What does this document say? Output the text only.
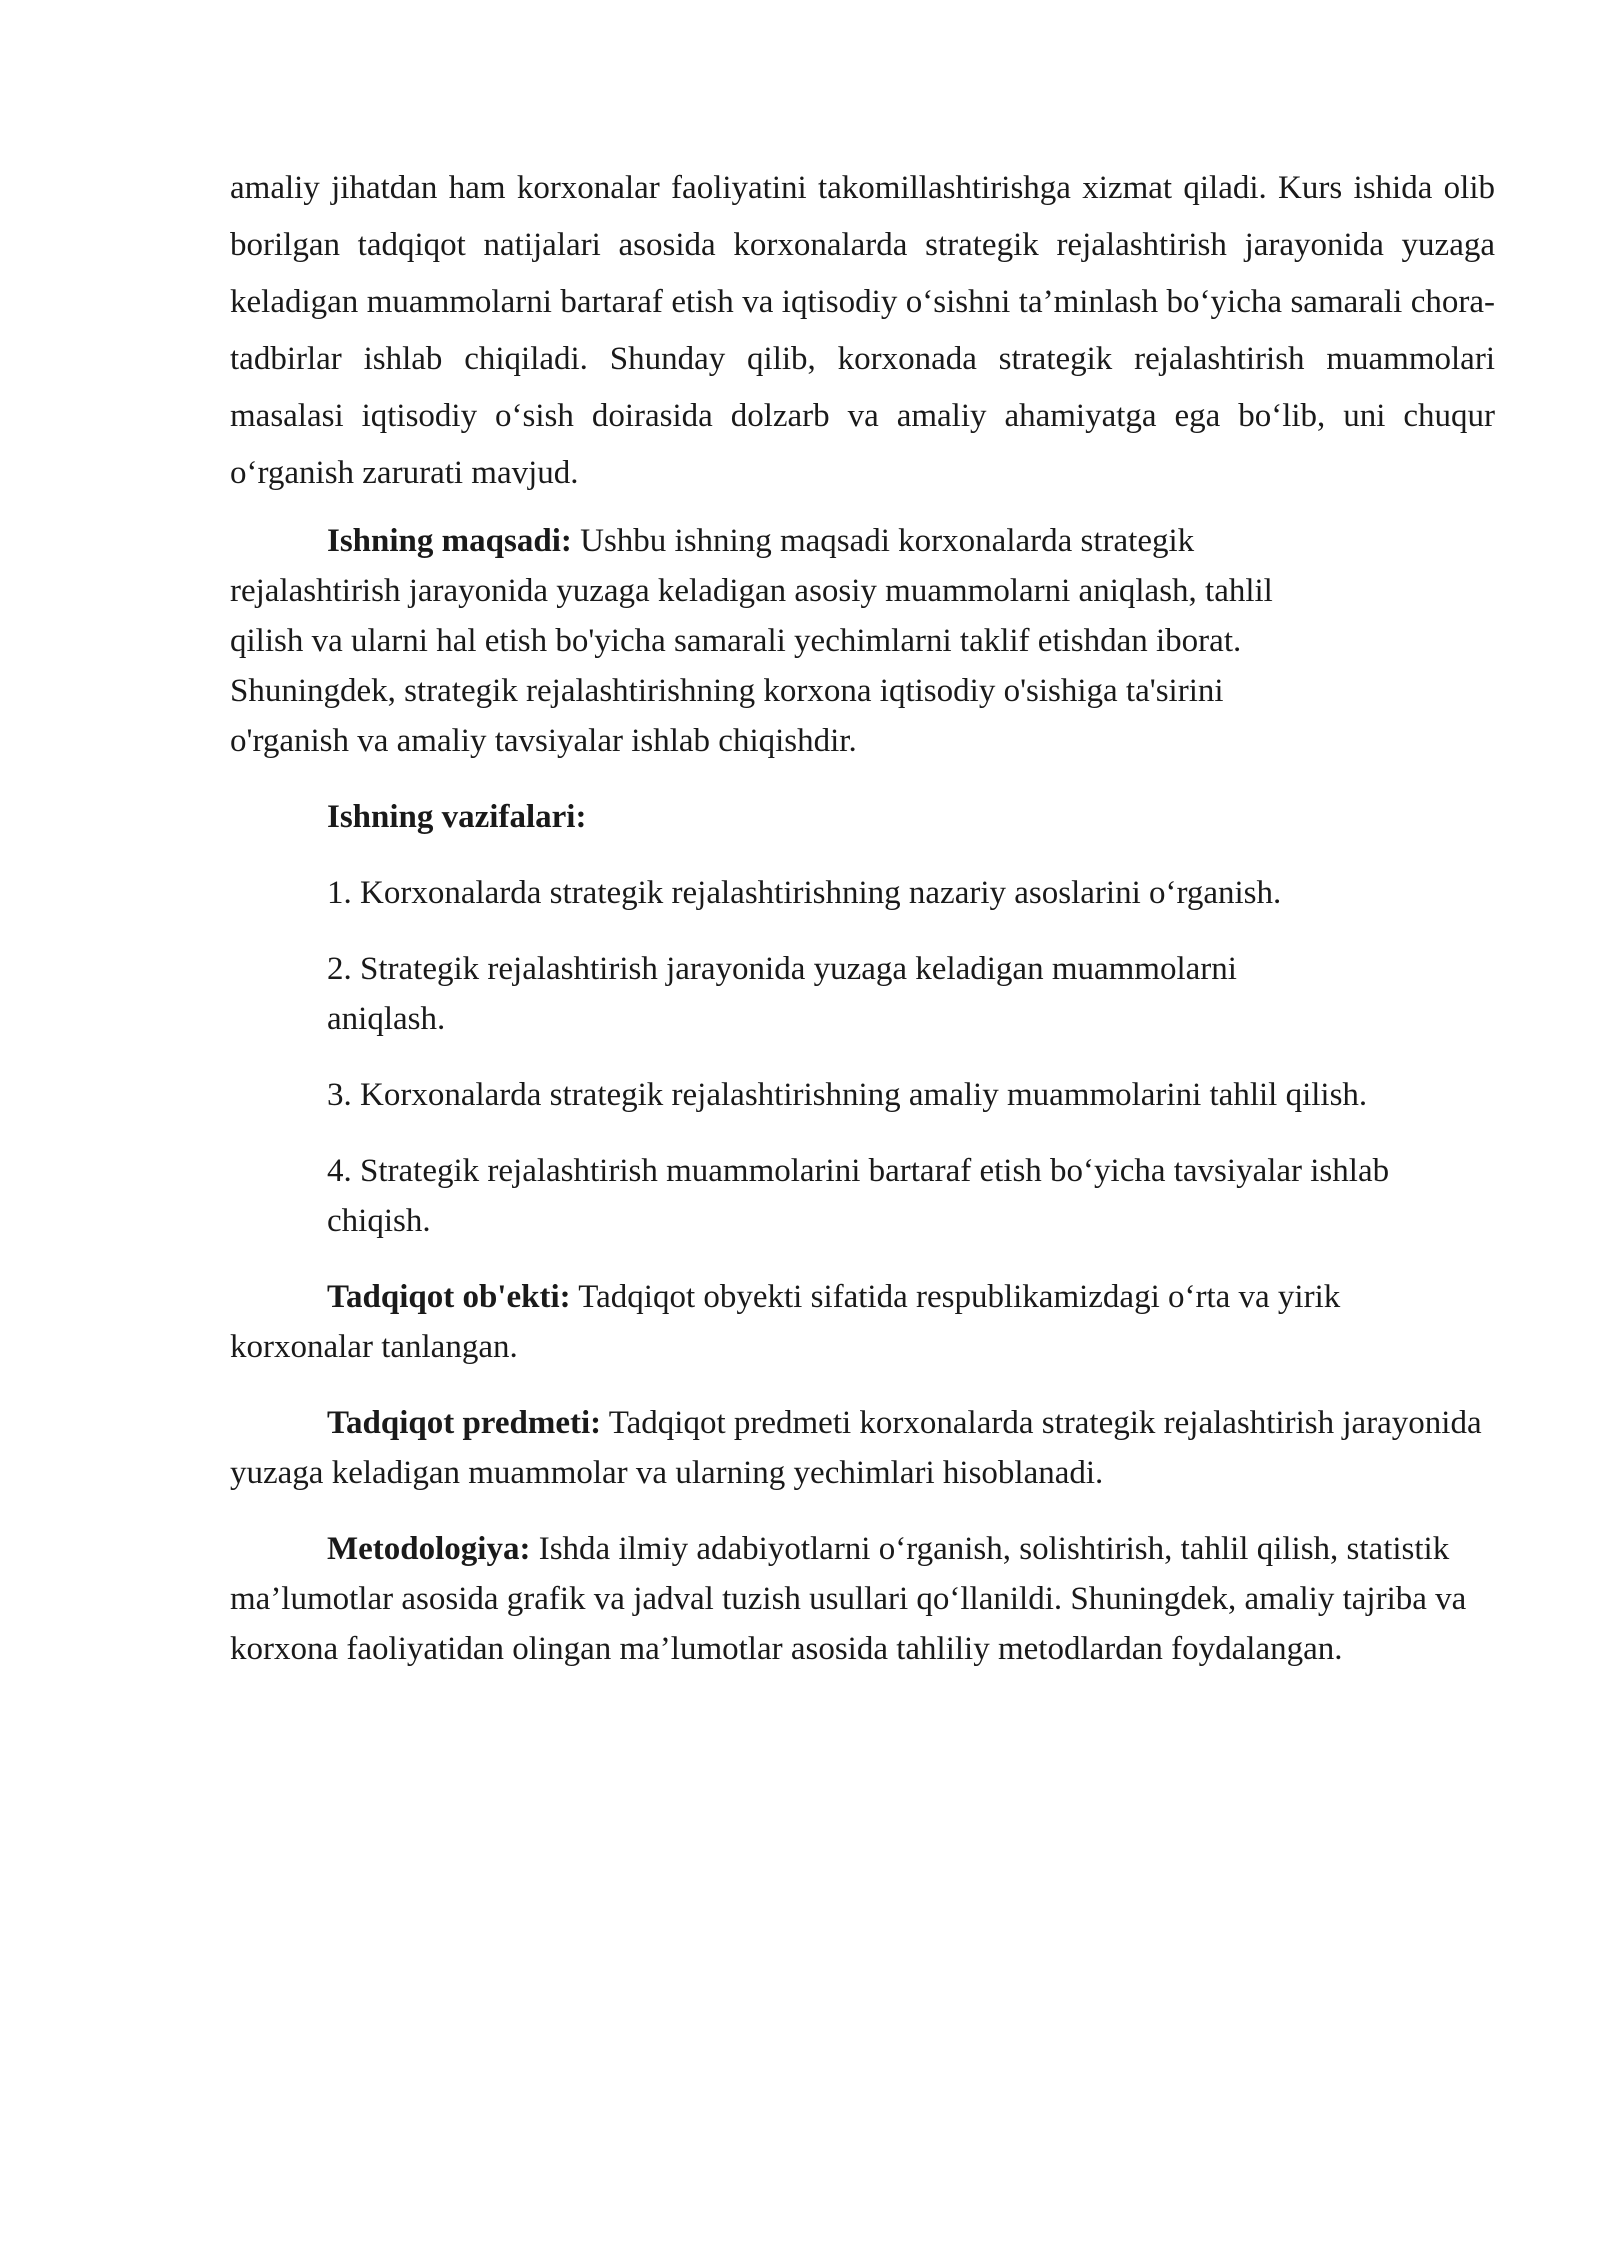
amaliy jihatdan ham korxonalar faoliyatini takomillashtirishga xizmat qiladi. Kurs ishida olib borilgan tadqiqot natijalari asosida korxonalarda strategik rejalashtirish jarayonida yuzaga keladigan muammolarni bartaraf etish va iqtisodiy o‘sishni ta’minlash bo‘yicha samarali chora-tadbirlar ishlab chiqiladi. Shunday qilib, korxonada strategik rejalashtirish muammolari masalasi iqtisodiy o‘sish doirasida dolzarb va amaliy ahamiyatga ega bo‘lib, uni chuqur o‘rganish zarurati mavjud.

Ishning maqsadi: Ushbu ishning maqsadi korxonalarda strategik rejalashtirish jarayonida yuzaga keladigan asosiy muammolarni aniqlash, tahlil qilish va ularni hal etish bo'yicha samarali yechimlarni taklif etishdan iborat. Shuningdek, strategik rejalashtirishning korxona iqtisodiy o'sishiga ta'sirini o'rganish va amaliy tavsiyalar ishlab chiqishdir.

Ishning vazifalari:

1. Korxonalarda strategik rejalashtirishning nazariy asoslarini o‘rganish.

2. Strategik rejalashtirish jarayonida yuzaga keladigan muammolarni aniqlash.

3. Korxonalarda strategik rejalashtirishning amaliy muammolarini tahlil qilish.

4. Strategik rejalashtirish muammolarini bartaraf etish bo‘yicha tavsiyalar ishlab chiqish.

Tadqiqot ob'ekti: Tadqiqot obyekti sifatida respublikamizdagi o‘rta va yirik korxonalar tanlangan.

Tadqiqot predmeti: Tadqiqot predmeti korxonalarda strategik rejalashtirish jarayonida yuzaga keladigan muammolar va ularning yechimlari hisoblanadi.

Metodologiya: Ishda ilmiy adabiyotlarni o‘rganish, solishtirish, tahlil qilish, statistik ma’lumotlar asosida grafik va jadval tuzish usullari qo‘llanildi. Shuningdek, amaliy tajriba va korxona faoliyatidan olingan ma’lumotlar asosida tahliliy metodlardan foydalangan.
